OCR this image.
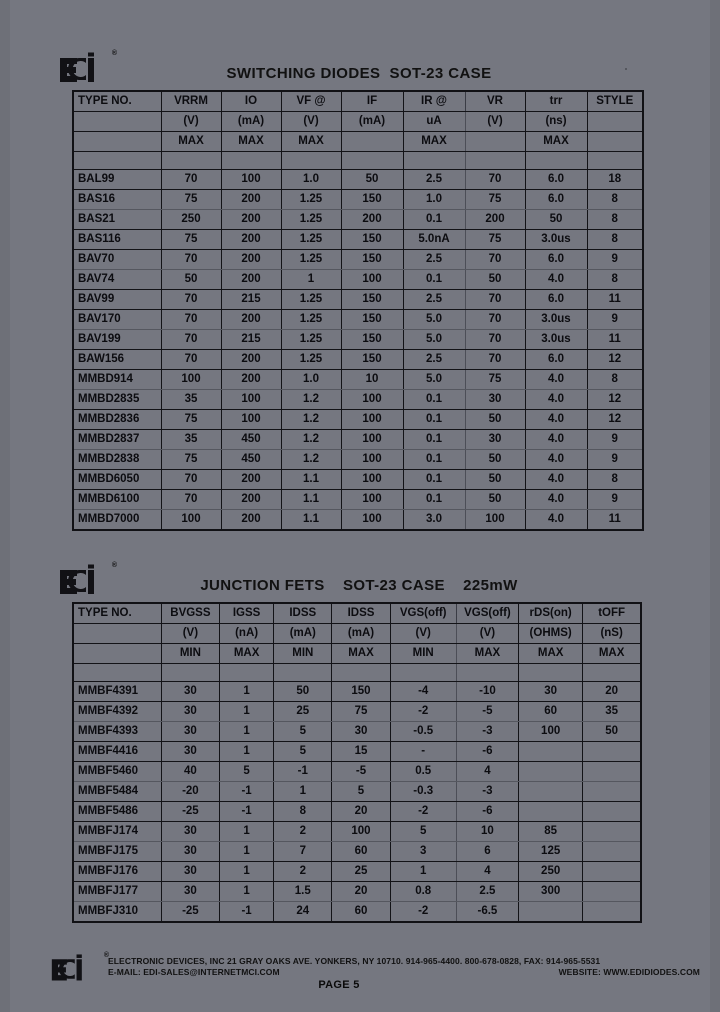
®
SWITCHING DIODES  SOT-23 CASE
TYPE NO.	VRRM	IO	VF @	IF	IR @	VR	trr	STYLE
	(V)	(mA)	(V)	(mA)	uA	(V)	(ns)	
	MAX	MAX	MAX		MAX		MAX	

BAL99	70	100	1.0	50	2.5	70	6.0	18
BAS16	75	200	1.25	150	1.0	75	6.0	8
BAS21	250	200	1.25	200	0.1	200	50	8
BAS116	75	200	1.25	150	5.0nA	75	3.0us	8
BAV70	70	200	1.25	150	2.5	70	6.0	9
BAV74	50	200	1	100	0.1	50	4.0	8
BAV99	70	215	1.25	150	2.5	70	6.0	11
BAV170	70	200	1.25	150	5.0	70	3.0us	9
BAV199	70	215	1.25	150	5.0	70	3.0us	11
BAW156	70	200	1.25	150	2.5	70	6.0	12
MMBD914	100	200	1.0	10	5.0	75	4.0	8
MMBD2835	35	100	1.2	100	0.1	30	4.0	12
MMBD2836	75	100	1.2	100	0.1	50	4.0	12
MMBD2837	35	450	1.2	100	0.1	30	4.0	9
MMBD2838	75	450	1.2	100	0.1	50	4.0	9
MMBD6050	70	200	1.1	100	0.1	50	4.0	8
MMBD6100	70	200	1.1	100	0.1	50	4.0	9
MMBD7000	100	200	1.1	100	3.0	100	4.0	11
®
JUNCTION FETS    SOT-23 CASE    225mW
TYPE NO.	BVGSS	IGSS	IDSS	IDSS	VGS(off)	VGS(off)	rDS(on)	tOFF
	(V)	(nA)	(mA)	(mA)	(V)	(V)	(OHMS)	(nS)
	MIN	MAX	MIN	MAX	MIN	MAX	MAX	MAX

MMBF4391	30	1	50	150	-4	-10	30	20
MMBF4392	30	1	25	75	-2	-5	60	35
MMBF4393	30	1	5	30	-0.5	-3	100	50
MMBF4416	30	1	5	15	-	-6		
MMBF5460	40	5	-1	-5	0.5	4		
MMBF5484	-20	-1	1	5	-0.3	-3		
MMBF5486	-25	-1	8	20	-2	-6		
MMBFJ174	30	1	2	100	5	10	85	
MMBFJ175	30	1	7	60	3	6	125	
MMBFJ176	30	1	2	25	1	4	250	
MMBFJ177	30	1	1.5	20	0.8	2.5	300	
MMBFJ310	-25	-1	24	60	-2	-6.5		
®
ELECTRONIC DEVICES, INC 21 GRAY OAKS AVE. YONKERS, NY 10710. 914-965-4400. 800-678-0828, FAX: 914-965-5531
E-MAIL: EDI-SALES@INTERNETMCI.COM	WEBSITE: WWW.EDIDIODES.COM
PAGE 5
